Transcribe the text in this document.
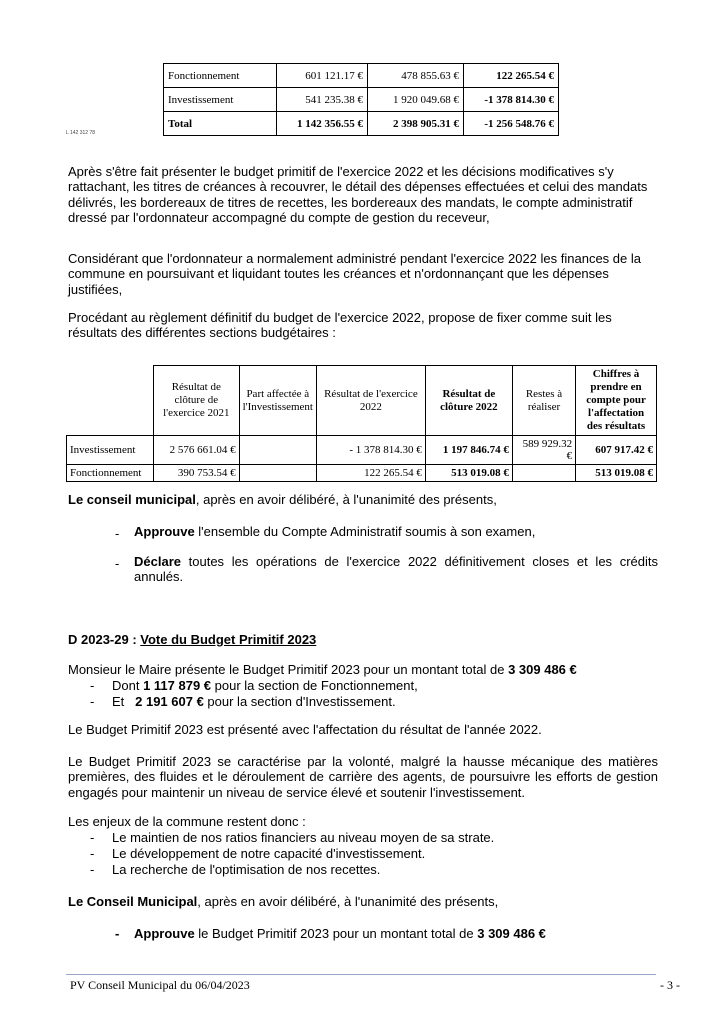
Fonctionnement	601 121.17 €	478 855.63 €	122 265.54 €
Investissement	541 235.38 €	1 920 049.68 €	-1 378 814.30 €
Total	1 142 356.55 €	2 398 905.31 €	-1 256 548.76 €
L 142 312 78

Après s'être fait présenter le budget primitif de l'exercice 2022 et les décisions modificatives s'y rattachant, les titres de créances à recouvrer, le détail des dépenses effectuées et celui des mandats délivrés, les bordereaux de titres de recettes, les bordereaux des mandats, le compte administratif dressé par l'ordonnateur accompagné du compte de gestion du receveur,

Considérant que l'ordonnateur a normalement administré pendant l'exercice 2022 les finances de la commune en poursuivant et liquidant toutes les créances et n'ordonnançant que les dépenses justifiées,

Procédant au règlement définitif du budget de l'exercice 2022, propose de fixer comme suit les résultats des différentes sections budgétaires :

	Résultat de clôture de l'exercice 2021	Part affectée à l'Investissement	Résultat de l'exercice 2022	Résultat de clôture 2022	Restes à réaliser	Chiffres à prendre en compte pour l'affectation des résultats
Investissement	2 576 661.04 €		- 1 378 814.30 €	1 197 846.74 €	589 929.32 €	607 917.42 €
Fonctionnement	390 753.54 €		122 265.54 €	513 019.08 €		513 019.08 €

Le conseil municipal, après en avoir délibéré, à l'unanimité des présents,

- Approuve l'ensemble du Compte Administratif soumis à son examen,

- Déclare toutes les opérations de l'exercice 2022 définitivement closes et les crédits annulés.

D 2023-29 : Vote du Budget Primitif 2023

Monsieur le Maire présente le Budget Primitif 2023 pour un montant total de 3 309 486 €

- Dont 1 117 879 € pour la section de Fonctionnement,

- Et   2 191 607 € pour la section d'Investissement.

Le Budget Primitif 2023 est présenté avec l'affectation du résultat de l'année 2022.

Le Budget Primitif 2023 se caractérise par la volonté, malgré la hausse mécanique des matières premières, des fluides et le déroulement de carrière des agents, de poursuivre les efforts de gestion engagés pour maintenir un niveau de service élevé et soutenir l'investissement.

Les enjeux de la commune restent donc :

- Le maintien de nos ratios financiers au niveau moyen de sa strate.

- Le développement de notre capacité d'investissement.

- La recherche de l'optimisation de nos recettes.

Le Conseil Municipal, après en avoir délibéré, à l'unanimité des présents,

- Approuve le Budget Primitif 2023 pour un montant total de 3 309 486 €

PV Conseil Municipal du 06/04/2023	- 3 -
